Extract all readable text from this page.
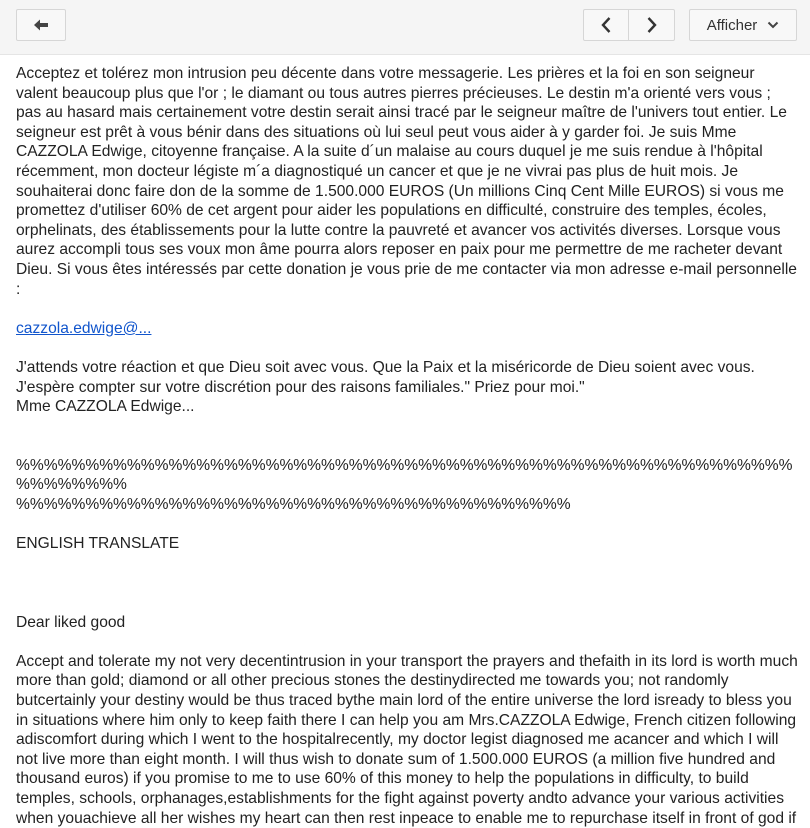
Afficher

Acceptez et tolérez mon intrusion peu décente dans votre messagerie. Les prières et la foi en son seigneur valent beaucoup plus que l'or ; le diamant ou tous autres pierres précieuses. Le destin m'a orienté vers vous ; pas au hasard mais certainement votre destin serait ainsi tracé par le seigneur maître de l'univers tout entier. Le seigneur est prêt à vous bénir dans des situations où lui seul peut vous aider à y garder foi. Je suis Mme CAZZOLA Edwige, citoyenne française. A la suite d´un malaise au cours duquel je me suis rendue à l'hôpital récemment, mon docteur légiste m´a diagnostiqué un cancer et que je ne vivrai pas plus de huit mois. Je souhaiterai donc faire don de la somme de 1.500.000 EUROS (Un millions Cinq Cent Mille EUROS) si vous me promettez d'utiliser 60% de cet argent pour aider les populations en difficulté, construire des temples, écoles, orphelinats, des établissements pour la lutte contre la pauvreté et avancer vos activités diverses. Lorsque vous aurez accompli tous ses voux mon âme pourra alors reposer en paix pour me permettre de me racheter devant Dieu. Si vous êtes intéressés par cette donation je vous prie de me contacter via mon adresse e-mail personnelle :

cazzola.edwige@...

J'attends votre réaction et que Dieu soit avec vous. Que la Paix et la miséricorde de Dieu soient avec vous.

J'espère compter sur votre discrétion pour des raisons familiales." Priez pour moi."

Mme CAZZOLA Edwige...

%%%%%%%%%%%%%%%%%%%%%%%%%%%%%%%%%%%%%%%%%%%%%%%%%%%%%%%%%%%%%%%%

%%%%%%%%%%%%%%%%%%%%%%%%%%%%%%%%%%%%%%%%

ENGLISH TRANSLATE

Dear liked good

Accept and tolerate my not very decentintrusion in your transport the prayers and thefaith in its lord is worth much more than gold; diamond or all other precious stones the destinydirected me towards you; not randomly butcertainly your destiny would be thus traced bythe main lord of the entire universe the lord isready to bless you in situations where him only to keep faith there I can help you am Mrs.CAZZOLA Edwige, French citizen following adiscomfort during which I went to the hospitalrecently, my doctor legist diagnosed me acancer and which I will not live more than eight month. I will thus wish to donate sum of 1.500.000 EUROS (a million five hundred and thousand euros) if you promise to me to use 60% of this money to help the populations in difficulty, to build temples, schools, orphanages,establishments for the fight against poverty andto advance your various activities when youachieve all her wishes my heart can then rest inpeace to enable me to repurchase itself in front of god if
